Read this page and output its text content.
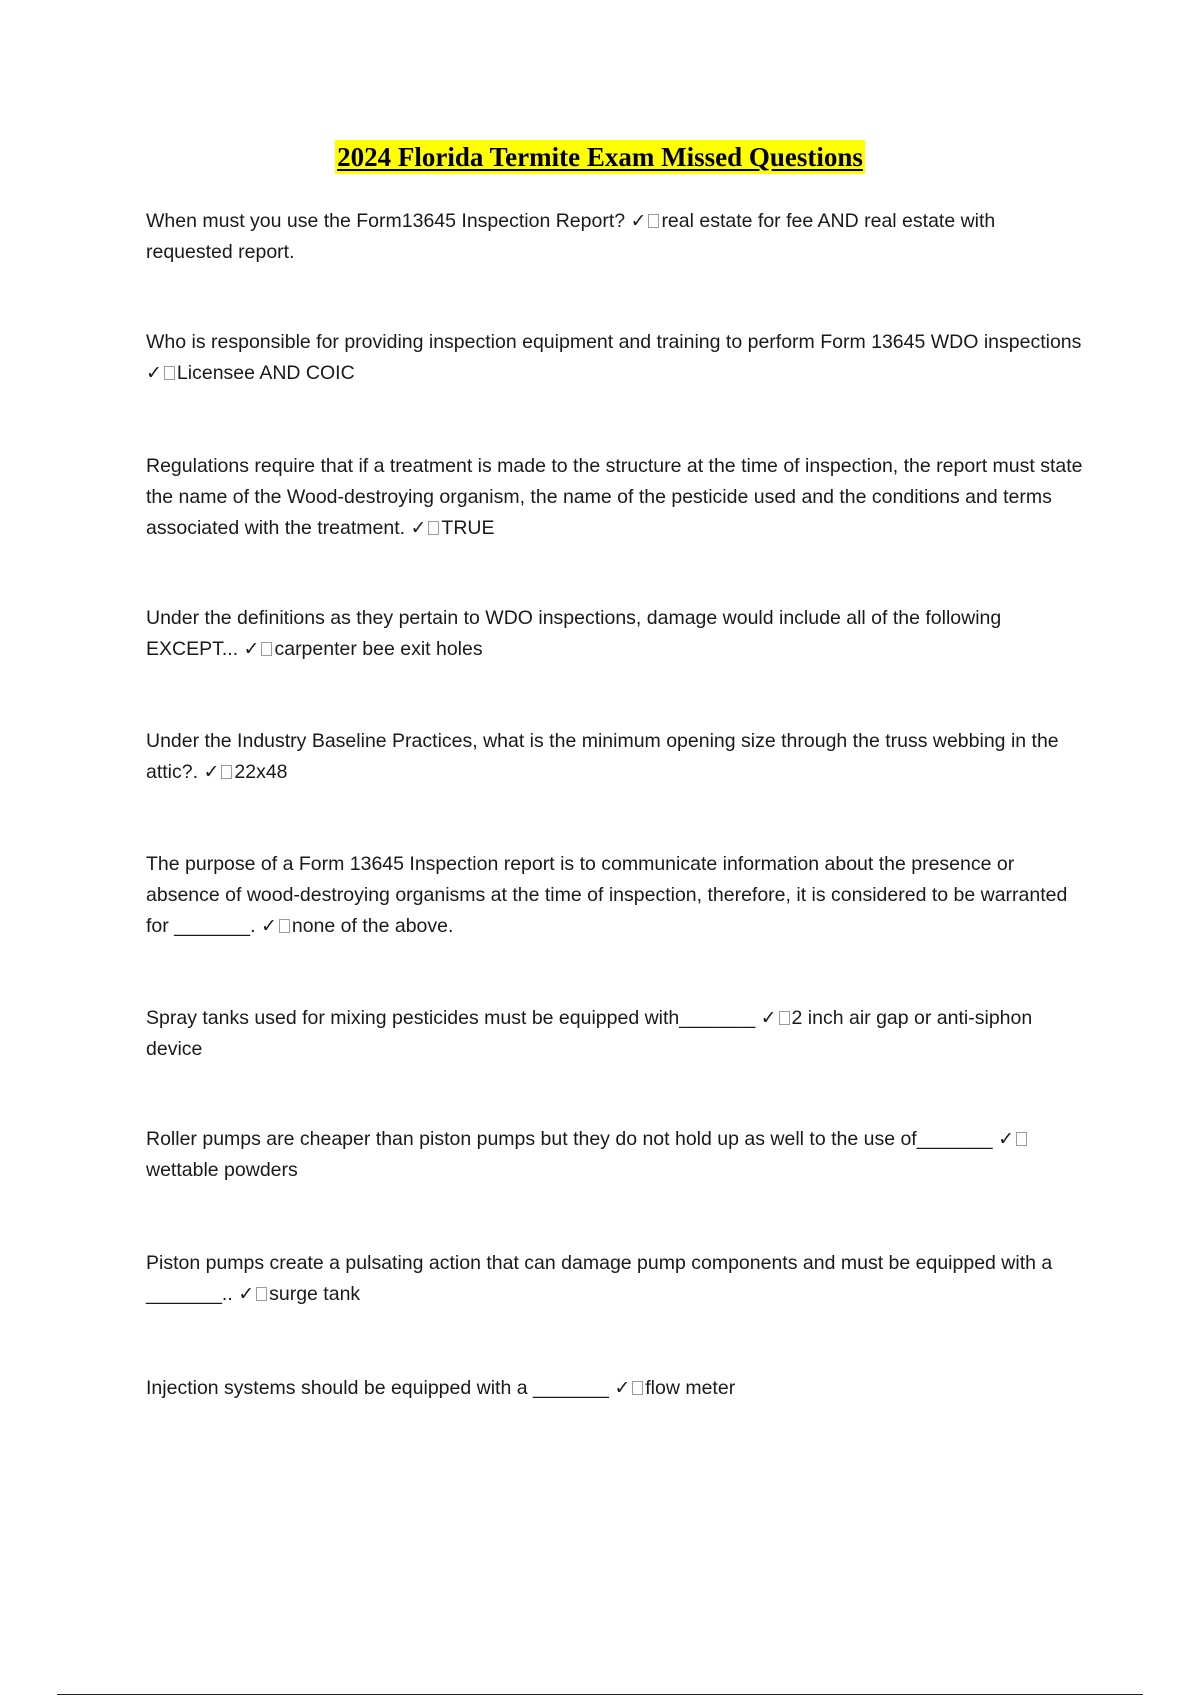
2024 Florida Termite Exam Missed Questions

When must you use the Form13645 Inspection Report? ✓ real estate for fee AND real estate with requested report.

Who is responsible for providing inspection equipment and training to perform Form 13645 WDO inspections ✓ Licensee AND COIC

Regulations require that if a treatment is made to the structure at the time of inspection, the report must state the name of the Wood-destroying organism, the name of the pesticide used and the conditions and terms associated with the treatment. ✓ TRUE

Under the definitions as they pertain to WDO inspections, damage would include all of the following EXCEPT... ✓ carpenter bee exit holes

Under the Industry Baseline Practices, what is the minimum opening size through the truss webbing in the attic?. ✓ 22x48

The purpose of a Form 13645 Inspection report is to communicate information about the presence or absence of wood-destroying organisms at the time of inspection, therefore, it is considered to be warranted for _______. ✓ none of the above.

Spray tanks used for mixing pesticides must be equipped with_______ ✓ 2 inch air gap or anti-siphon device

Roller pumps are cheaper than piston pumps but they do not hold up as well to the use of_______ ✓wettable powders

Piston pumps create a pulsating action that can damage pump components and must be equipped with a _______.. ✓ surge tank

Injection systems should be equipped with a _______ ✓ flow meter
